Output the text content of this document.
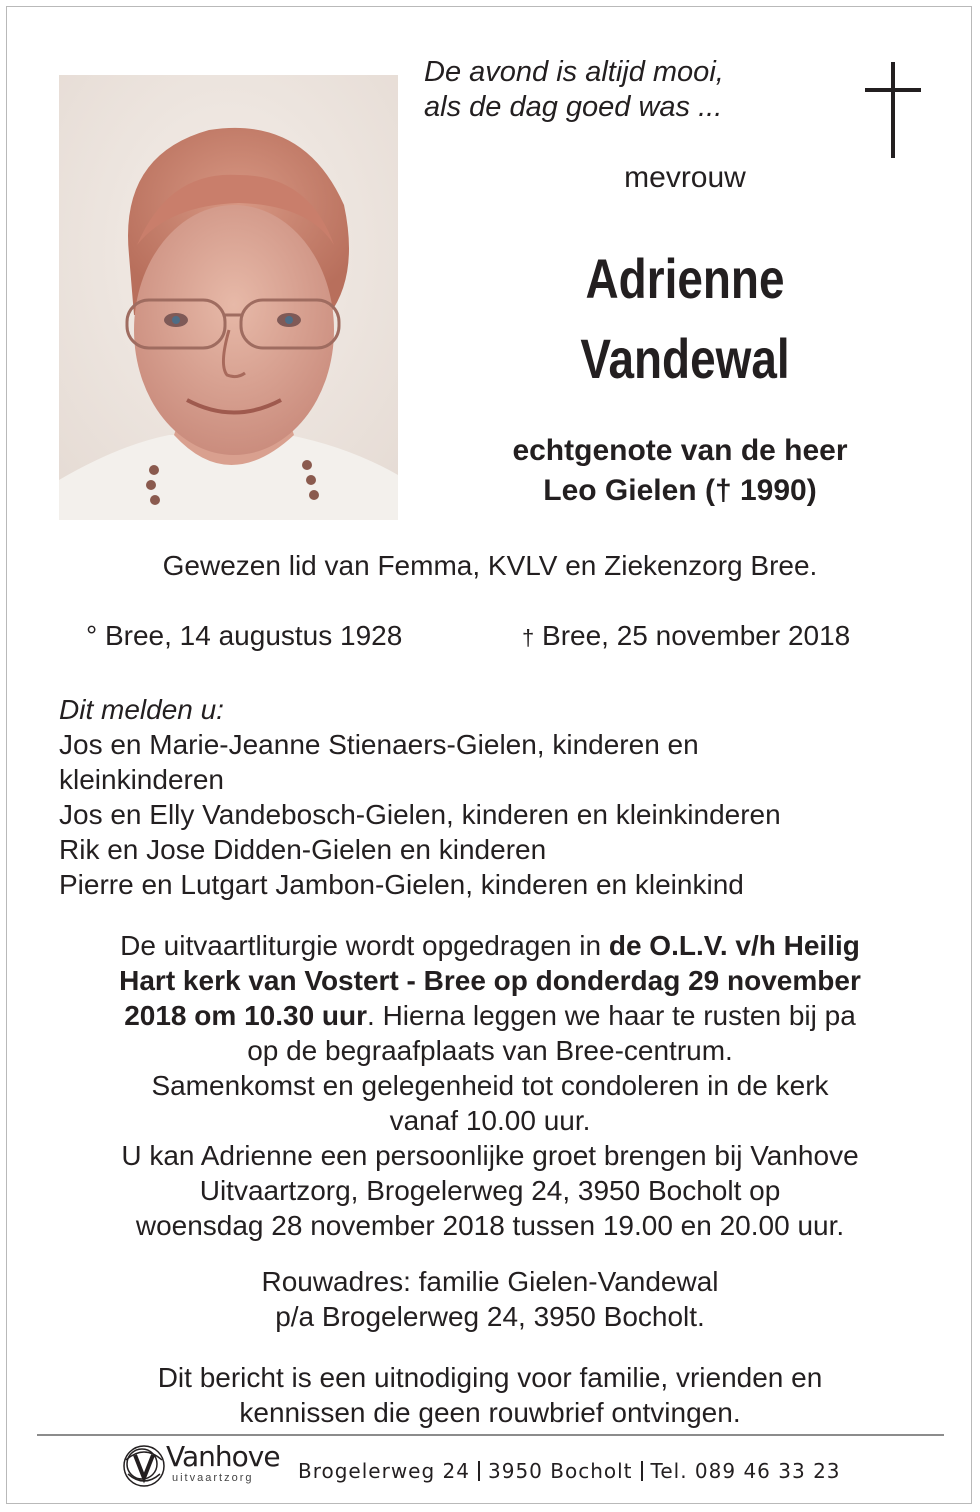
De avond is altijd mooi,
als de dag goed was ...
mevrouw
Adrienne
Vandewal
echtgenote van de heer
Leo Gielen († 1990)
Gewezen lid van Femma, KVLV en Ziekenzorg Bree.
° Bree, 14 augustus 1928	† Bree, 25 november 2018
Dit melden u:
Jos en Marie-Jeanne Stienaers-Gielen, kinderen en
kleinkinderen
Jos en Elly Vandebosch-Gielen, kinderen en kleinkinderen
Rik en Jose Didden-Gielen en kinderen
Pierre en Lutgart Jambon-Gielen, kinderen en kleinkind
De uitvaartliturgie wordt opgedragen in de O.L.V. v/h Heilig
Hart kerk van Vostert - Bree op donderdag 29 november
2018 om 10.30 uur. Hierna leggen we haar te rusten bij pa
op de begraafplaats van Bree-centrum.
Samenkomst en gelegenheid tot condoleren in de kerk
vanaf 10.00 uur.
U kan Adrienne een persoonlijke groet brengen bij Vanhove
Uitvaartzorg, Brogelerweg 24, 3950 Bocholt op
woensdag 28 november 2018 tussen 19.00 en 20.00 uur.
Rouwadres: familie Gielen-Vandewal
p/a Brogelerweg 24, 3950 Bocholt.
Dit bericht is een uitnodiging voor familie, vrienden en
kennissen die geen rouwbrief ontvingen.
Vanhove
uitvaartzorg Brogelerweg 24 3950 Bocholt Tel. 089 46 33 23
